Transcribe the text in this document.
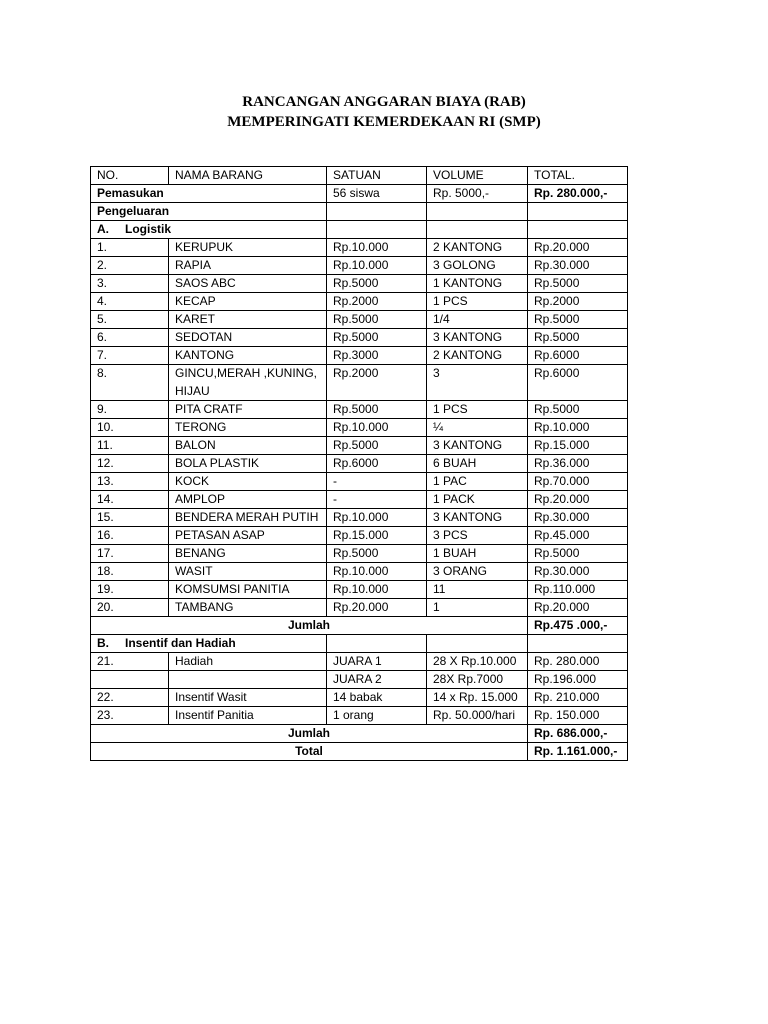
RANCANGAN ANGGARAN BIAYA (RAB)
MEMPERINGATI KEMERDEKAAN RI (SMP)
NO.	NAMA BARANG	SATUAN	VOLUME	TOTAL.
Pemasukan		56 siswa	Rp. 5000,-	Rp. 280.000,-
Pengeluaran				
A. Logistik				
1.	KERUPUK	Rp.10.000	2 KANTONG	Rp.20.000
2.	RAPIA	Rp.10.000	3 GOLONG	Rp.30.000
3.	SAOS ABC	Rp.5000	1 KANTONG	Rp.5000
4.	KECAP	Rp.2000	1 PCS	Rp.2000
5.	KARET	Rp.5000	1/4	Rp.5000
6.	SEDOTAN	Rp.5000	3 KANTONG	Rp.5000
7.	KANTONG	Rp.3000	2 KANTONG	Rp.6000
8.	GINCU,MERAH ,KUNING, HIJAU	Rp.2000	3	Rp.6000
9.	PITA CRATF	Rp.5000	1 PCS	Rp.5000
10.	TERONG	Rp.10.000	¼	Rp.10.000
11.	BALON	Rp.5000	3 KANTONG	Rp.15.000
12.	BOLA PLASTIK	Rp.6000	6 BUAH	Rp.36.000
13.	KOCK	-	1 PAC	Rp.70.000
14.	AMPLOP	-	1 PACK	Rp.20.000
15.	BENDERA MERAH PUTIH	Rp.10.000	3 KANTONG	Rp.30.000
16.	PETASAN ASAP	Rp.15.000	3 PCS	Rp.45.000
17.	BENANG	Rp.5000	1 BUAH	Rp.5000
18.	WASIT	Rp.10.000	3 ORANG	Rp.30.000
19.	KOMSUMSI PANITIA	Rp.10.000	11	Rp.110.000
20.	TAMBANG	Rp.20.000	1	Rp.20.000
Jumlah				Rp.475 .000,-
B. Insentif dan Hadiah				
21.	Hadiah	JUARA 1	28 X Rp.10.000	Rp. 280.000
		JUARA 2	28X Rp.7000	Rp.196.000
22.	Insentif Wasit	14 babak	14 x Rp. 15.000	Rp. 210.000
23.	Insentif Panitia	1 orang	Rp. 50.000/hari	Rp. 150.000
Jumlah				Rp. 686.000,-
Total				Rp. 1.161.000,-
